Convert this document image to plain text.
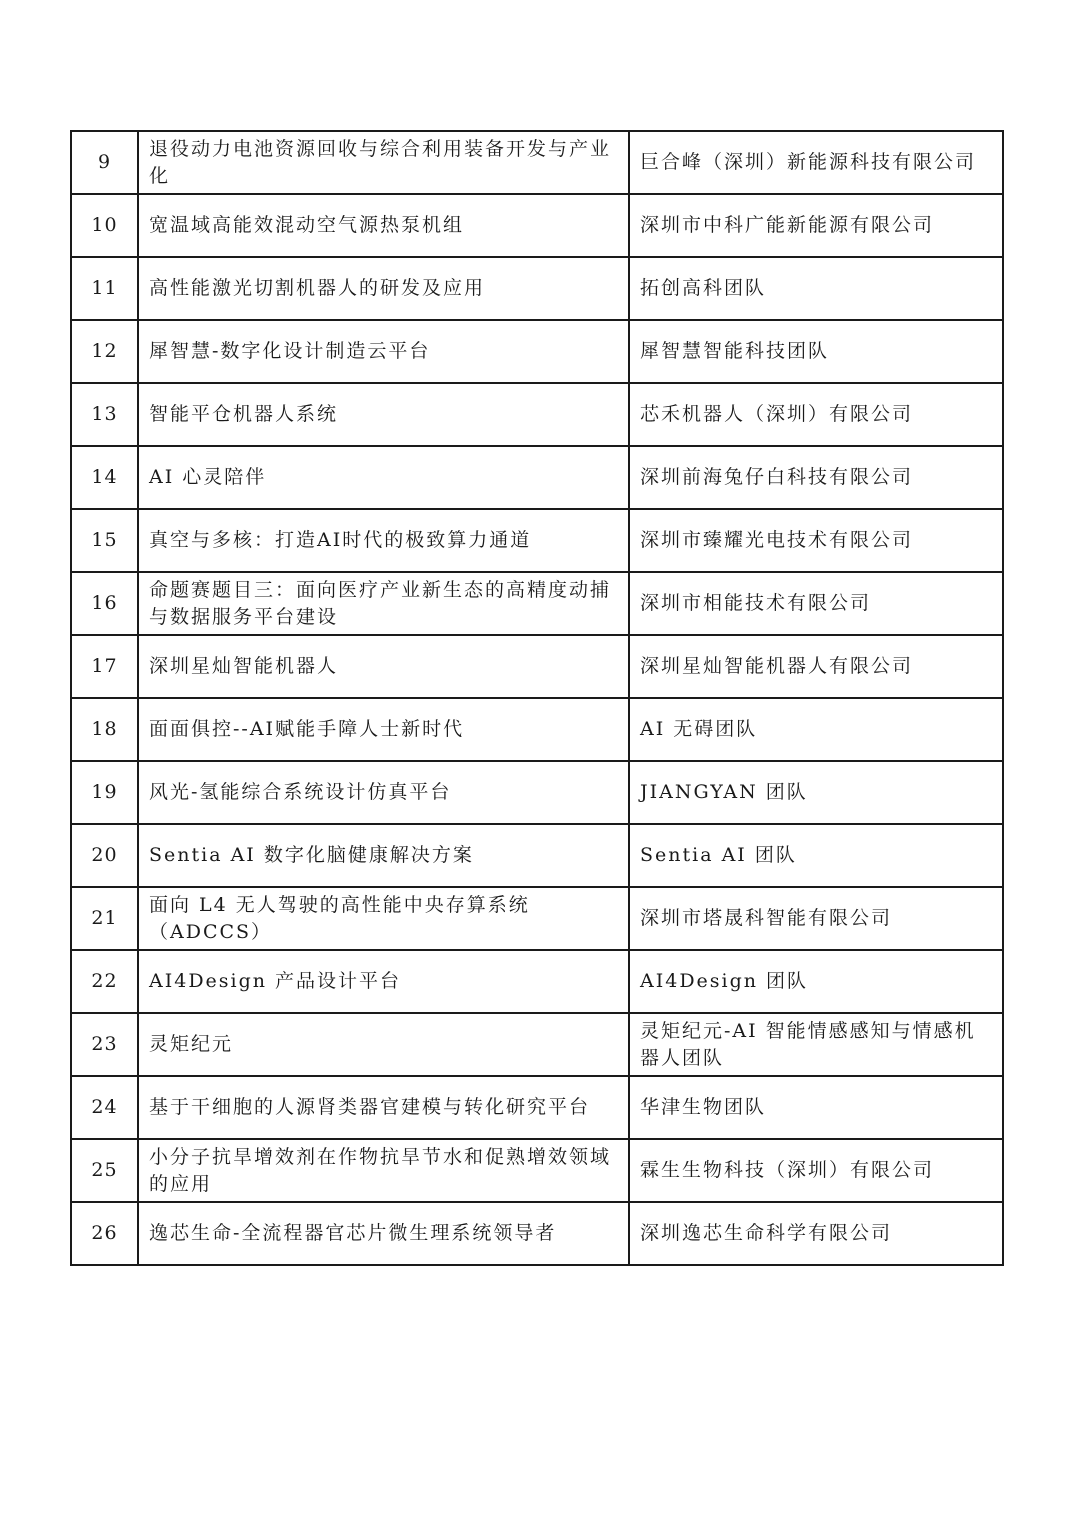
9	退役动力电池资源回收与综合利用装备开发与产业化	巨合峰（深圳）新能源科技有限公司
10	宽温域高能效混动空气源热泵机组	深圳市中科广能新能源有限公司
11	高性能激光切割机器人的研发及应用	拓创高科团队
12	犀智慧-数字化设计制造云平台	犀智慧智能科技团队
13	智能平仓机器人系统	芯禾机器人（深圳）有限公司
14	AI 心灵陪伴	深圳前海兔仔白科技有限公司
15	真空与多核：打造AI时代的极致算力通道	深圳市臻耀光电技术有限公司
16	命题赛题目三：面向医疗产业新生态的高精度动捕与数据服务平台建设	深圳市相能技术有限公司
17	深圳星灿智能机器人	深圳星灿智能机器人有限公司
18	面面俱控--AI赋能手障人士新时代	AI 无碍团队
19	风光-氢能综合系统设计仿真平台	JIANGYAN 团队
20	Sentia AI 数字化脑健康解决方案	Sentia AI 团队
21	面向 L4 无人驾驶的高性能中央存算系统（ADCCS）	深圳市塔晟科智能有限公司
22	AI4Design 产品设计平台	AI4Design 团队
23	灵矩纪元	灵矩纪元-AI 智能情感感知与情感机器人团队
24	基于干细胞的人源肾类器官建模与转化研究平台	华津生物团队
25	小分子抗旱增效剂在作物抗旱节水和促熟增效领域的应用	霖生生物科技（深圳）有限公司
26	逸芯生命-全流程器官芯片微生理系统领导者	深圳逸芯生命科学有限公司
